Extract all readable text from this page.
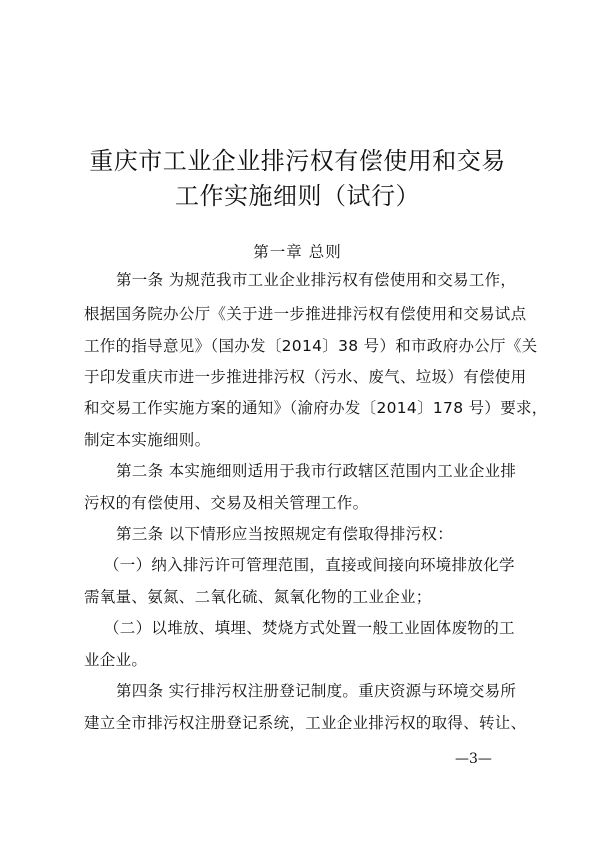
重庆市工业企业排污权有偿使用和交易
工作实施细则（试行）
第一章 总则
第一条 为规范我市工业企业排污权有偿使用和交易工作，
根据国务院办公厅《关于进一步推进排污权有偿使用和交易试点
工作的指导意见》（国办发〔2014〕38 号）和市政府办公厅《关
于印发重庆市进一步推进排污权（污水、废气、垃圾）有偿使用
和交易工作实施方案的通知》（渝府办发〔2014〕178 号）要求，
制定本实施细则。
第二条 本实施细则适用于我市行政辖区范围内工业企业排
污权的有偿使用、交易及相关管理工作。
第三条 以下情形应当按照规定有偿取得排污权：
（一）纳入排污许可管理范围，直接或间接向环境排放化学
需氧量、氨氮、二氧化硫、氮氧化物的工业企业；
（二）以堆放、填埋、焚烧方式处置一般工业固体废物的工
业企业。
第四条 实行排污权注册登记制度。重庆资源与环境交易所
建立全市排污权注册登记系统，工业企业排污权的取得、转让、
—3—
